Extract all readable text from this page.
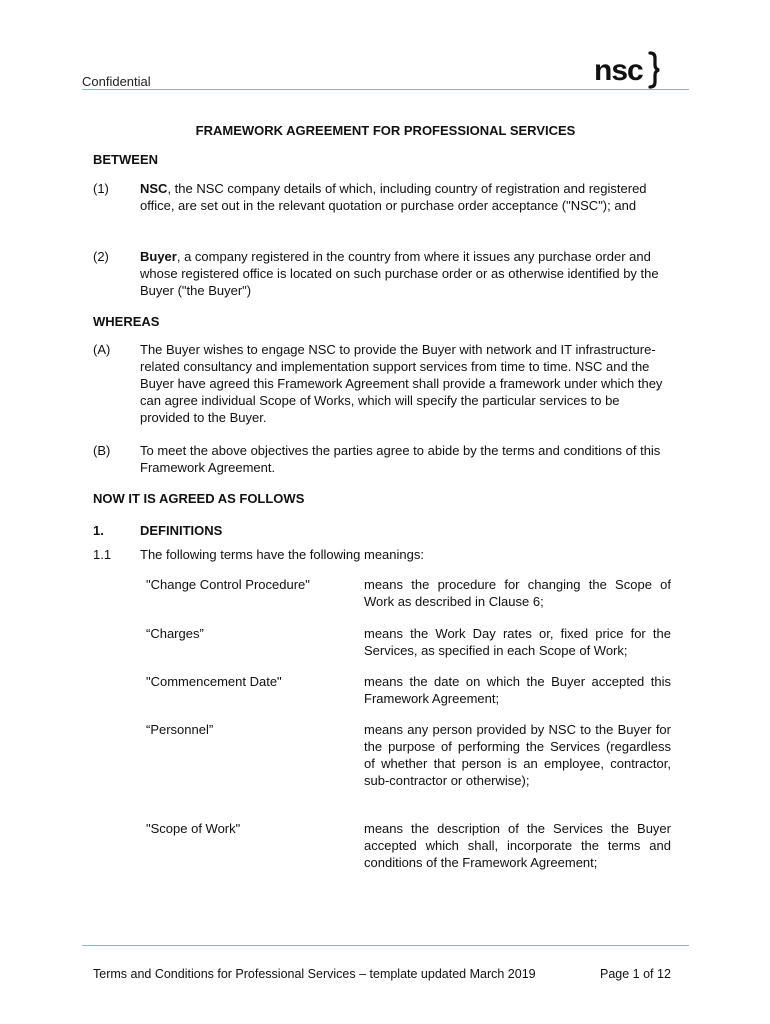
Confidential	nsc
FRAMEWORK AGREEMENT FOR PROFESSIONAL SERVICES
BETWEEN
(1) NSC, the NSC company details of which, including country of registration and registered office, are set out in the relevant quotation or purchase order acceptance ("NSC"); and
(2) Buyer, a company registered in the country from where it issues any purchase order and whose registered office is located on such purchase order or as otherwise identified by the Buyer ("the Buyer")
WHEREAS
(A) The Buyer wishes to engage NSC to provide the Buyer with network and IT infrastructure-related consultancy and implementation support services from time to time. NSC and the Buyer have agreed this Framework Agreement shall provide a framework under which they can agree individual Scope of Works, which will specify the particular services to be provided to the Buyer.
(B) To meet the above objectives the parties agree to abide by the terms and conditions of this Framework Agreement.
NOW IT IS AGREED AS FOLLOWS
1.	DEFINITIONS
1.1 The following terms have the following meanings:
"Change Control Procedure"	means the procedure for changing the Scope of Work as described in Clause 6;
“Charges”	means the Work Day rates or, fixed price for the Services, as specified in each Scope of Work;
"Commencement Date"	means the date on which the Buyer accepted this Framework Agreement;
“Personnel”	means any person provided by NSC to the Buyer for the purpose of performing the Services (regardless of whether that person is an employee, contractor, sub-contractor or otherwise);
"Scope of Work"	means the description of the Services the Buyer accepted which shall, incorporate the terms and conditions of the Framework Agreement;
Terms and Conditions for Professional Services – template updated March 2019	Page 1 of 12
